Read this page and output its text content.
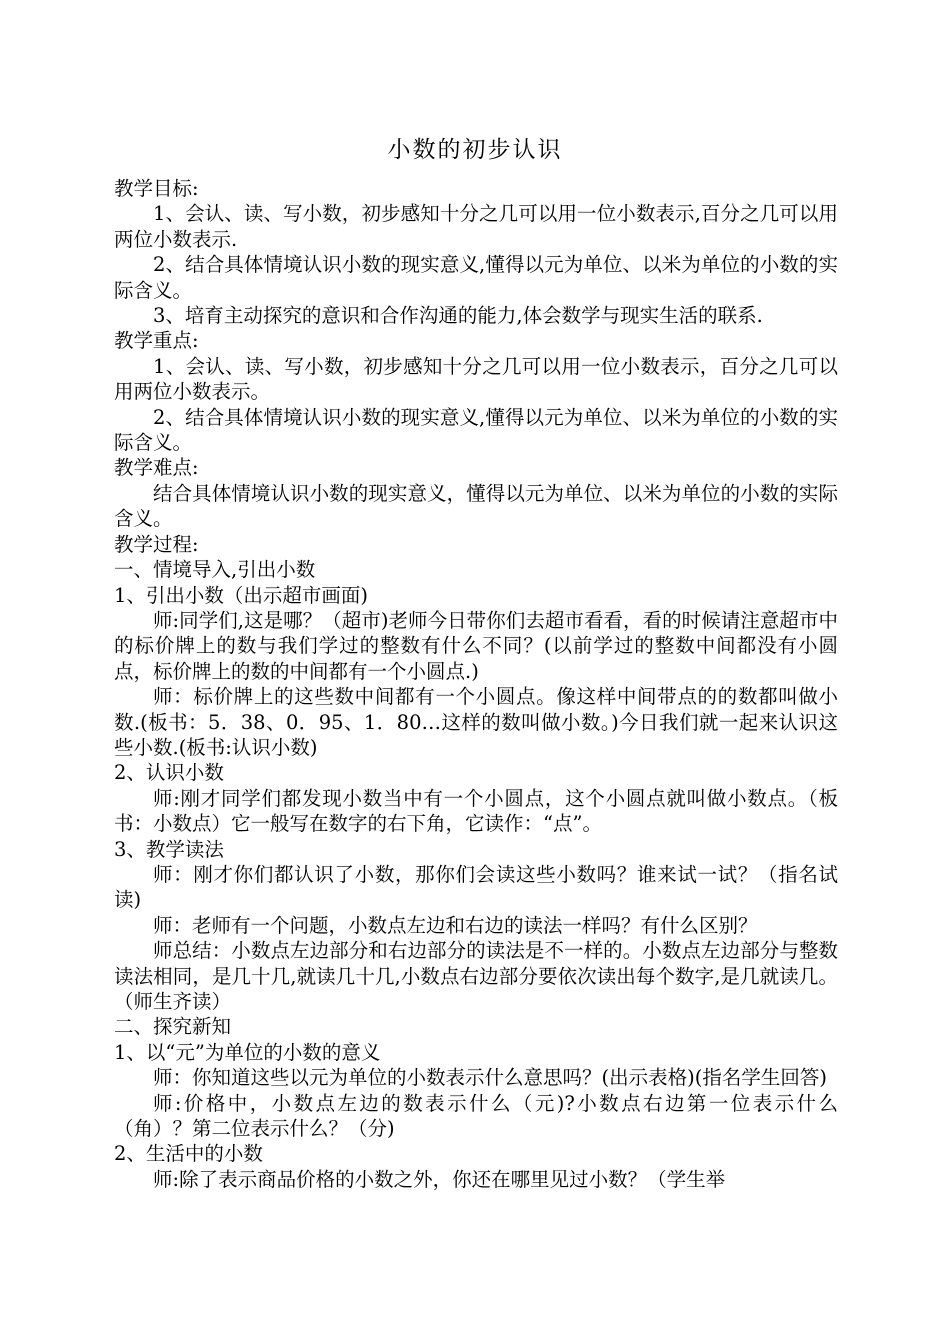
小数的初步认识

教学目标:

1、会认、读、写小数，初步感知十分之几可以用一位小数表示,百分之几可以用两位小数表示.

2、结合具体情境认识小数的现实意义,懂得以元为单位、以米为单位的小数的实际含义。

3、培育主动探究的意识和合作沟通的能力,体会数学与现实生活的联系.

教学重点:

1、会认、读、写小数，初步感知十分之几可以用一位小数表示，百分之几可以用两位小数表示。

2、结合具体情境认识小数的现实意义,懂得以元为单位、以米为单位的小数的实际含义。

教学难点:

结合具体情境认识小数的现实意义，懂得以元为单位、以米为单位的小数的实际含义。

教学过程:

一、情境导入,引出小数

1、引出小数（出示超市画面)

师:同学们,这是哪？（超市)老师今日带你们去超市看看，看的时候请注意超市中的标价牌上的数与我们学过的整数有什么不同？(以前学过的整数中间都没有小圆点，标价牌上的数的中间都有一个小圆点.)

师：标价牌上的这些数中间都有一个小圆点。像这样中间带点的的数都叫做小数.(板书：5．38、0．95、1．80…这样的数叫做小数。)今日我们就一起来认识这些小数.(板书:认识小数)

2、认识小数

师:刚才同学们都发现小数当中有一个小圆点，这个小圆点就叫做小数点。（板书：小数点）它一般写在数字的右下角，它读作：“点”。

3、教学读法

师：刚才你们都认识了小数，那你们会读这些小数吗？谁来试一试？（指名试读)

师：老师有一个问题，小数点左边和右边的读法一样吗？有什么区别？

师总结：小数点左边部分和右边部分的读法是不一样的。小数点左边部分与整数读法相同，是几十几,就读几十几,小数点右边部分要依次读出每个数字,是几就读几。（师生齐读）

二、探究新知

1、以“元”为单位的小数的意义

师：你知道这些以元为单位的小数表示什么意思吗？(出示表格)(指名学生回答)

师:价格中，小数点左边的数表示什么（元)?小数点右边第一位表示什么（角）？第二位表示什么？（分)

2、生活中的小数

师:除了表示商品价格的小数之外，你还在哪里见过小数？（学生举
